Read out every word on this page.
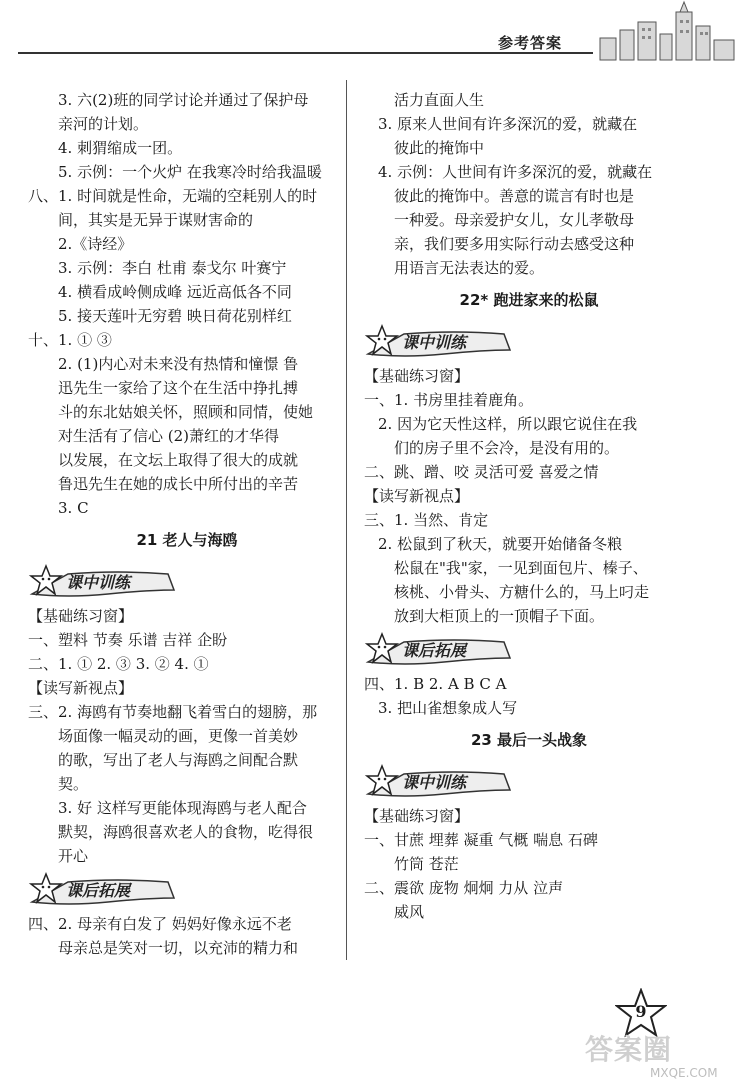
参考答案
3. 六(2)班的同学讨论并通过了保护母
亲河的计划。
4. 刺猬缩成一团。
5. 示例：一个火炉 在我寒冷时给我温暖
八、1. 时间就是性命，无端的空耗别人的时
间，其实是无异于谋财害命的
2.《诗经》
3. 示例：李白 杜甫 泰戈尔 叶赛宁
4. 横看成岭侧成峰 远近高低各不同
5. 接天莲叶无穷碧 映日荷花别样红
十、1. ① ③
2. (1)内心对未来没有热情和憧憬 鲁
迅先生一家给了这个在生活中挣扎搏
斗的东北姑娘关怀，照顾和同情，使她
对生活有了信心 (2)萧红的才华得
以发展，在文坛上取得了很大的成就
鲁迅先生在她的成长中所付出的辛苦
3. C
21 老人与海鸥
课中训练
【基础练习窗】
一、塑料 节奏 乐谱 吉祥 企盼
二、1. ① 2. ③ 3. ② 4. ①
【读写新视点】
三、2. 海鸥有节奏地翻飞着雪白的翅膀，那
场面像一幅灵动的画，更像一首美妙
的歌，写出了老人与海鸥之间配合默
契。
3. 好 这样写更能体现海鸥与老人配合
默契，海鸥很喜欢老人的食物，吃得很
开心
课后拓展
四、2. 母亲有白发了 妈妈好像永远不老
母亲总是笑对一切，以充沛的精力和
活力直面人生
3. 原来人世间有许多深沉的爱，就藏在
彼此的掩饰中
4. 示例：人世间有许多深沉的爱，就藏在
彼此的掩饰中。善意的谎言有时也是
一种爱。母亲爱护女儿，女儿孝敬母
亲，我们要多用实际行动去感受这种
用语言无法表达的爱。
22* 跑进家来的松鼠
课中训练
【基础练习窗】
一、1. 书房里挂着鹿角。
2. 因为它天性这样，所以跟它说住在我
们的房子里不会冷，是没有用的。
二、跳、蹭、咬 灵活可爱 喜爱之情
【读写新视点】
三、1. 当然、肯定
2. 松鼠到了秋天，就要开始储备冬粮
松鼠在"我"家，一见到面包片、榛子、
核桃、小骨头、方糖什么的，马上叼走
放到大柜顶上的一顶帽子下面。
课后拓展
四、1. B 2. A B C A
3. 把山雀想象成人写
23 最后一头战象
课中训练
【基础练习窗】
一、甘蔗 埋葬 凝重 气概 喘息 石碑
竹筒 苍茫
二、震欲 庞物 炯炯 力从 泣声
威风
9
答案圈
MXQE.COM
